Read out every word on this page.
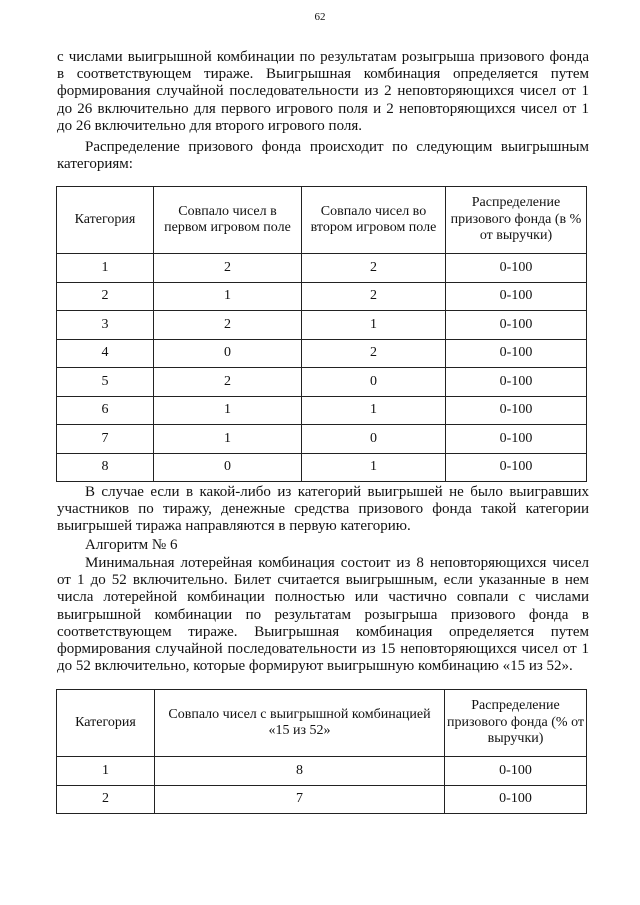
62

с числами выигрышной комбинации по результатам розыгрыша призового фонда в соответствующем тираже. Выигрышная комбинация определяется путем формирования случайной последовательности из 2 неповторяющихся чисел от 1 до 26 включительно для первого игрового поля и 2 неповторяющихся чисел от 1 до 26 включительно для второго игрового поля.

Распределение призового фонда происходит по следующим выигрышным категориям:

Категория	Совпало чисел в первом игровом поле	Совпало чисел во втором игровом поле	Распределение призового фонда (в % от выручки)
1	2	2	0-100
2	1	2	0-100
3	2	1	0-100
4	0	2	0-100
5	2	0	0-100
6	1	1	0-100
7	1	0	0-100
8	0	1	0-100

В случае если в какой-либо из категорий выигрышей не было выигравших участников по тиражу, денежные средства призового фонда такой категории выигрышей тиража направляются в первую категорию.

Алгоритм № 6

Минимальная лотерейная комбинация состоит из 8 неповторяющихся чисел от 1 до 52 включительно. Билет считается выигрышным, если указанные в нем числа лотерейной комбинации полностью или частично совпали с числами выигрышной комбинации по результатам розыгрыша призового фонда в соответствующем тираже. Выигрышная комбинация определяется путем формирования случайной последовательности из 15 неповторяющихся чисел от 1 до 52 включительно, которые формируют выигрышную комбинацию «15 из 52».

Категория	Совпало чисел с выигрышной комбинацией «15 из 52»	Распределение призового фонда (% от выручки)
1	8	0-100
2	7	0-100
